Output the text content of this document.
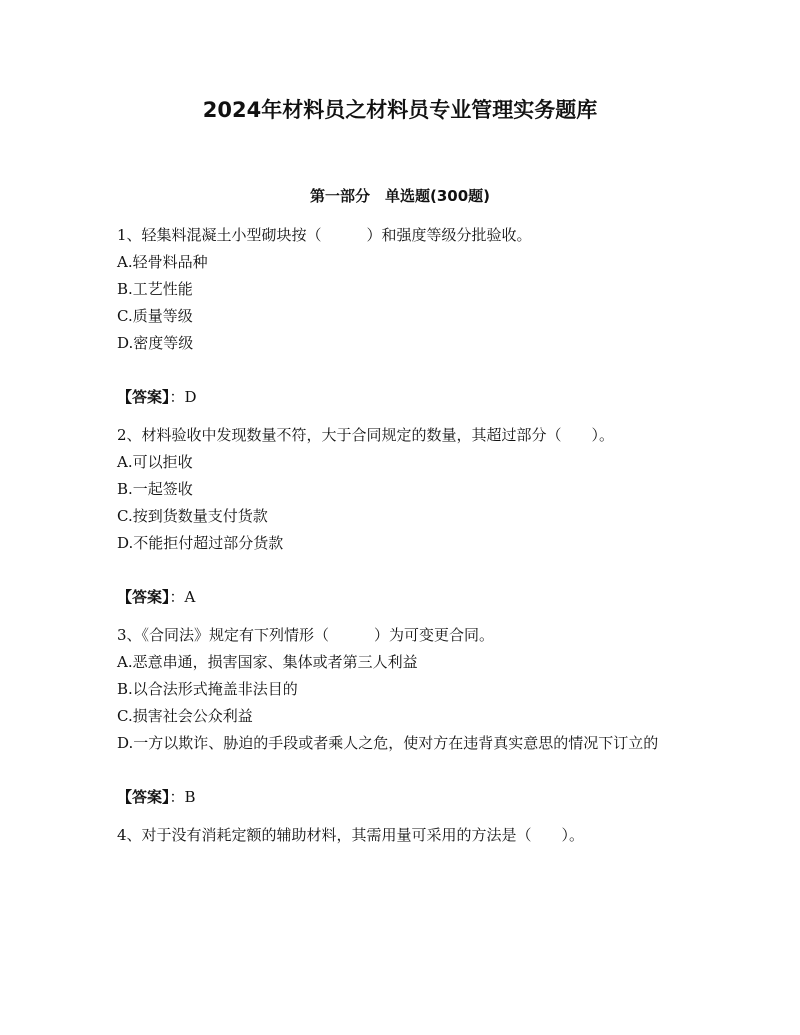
2024年材料员之材料员专业管理实务题库
第一部分　单选题(300题)

1、轻集料混凝土小型砌块按（　　　）和强度等级分批验收。

A.轻骨料品种

B.工艺性能

C.质量等级

D.密度等级

【答案】：D

2、材料验收中发现数量不符，大于合同规定的数量，其超过部分（　　）。

A.可以拒收

B.一起签收

C.按到货数量支付货款

D.不能拒付超过部分货款

【答案】：A

3、《合同法》规定有下列情形（　　　）为可变更合同。

A.恶意串通，损害国家、集体或者第三人利益

B.以合法形式掩盖非法目的

C.损害社会公众利益

D.一方以欺诈、胁迫的手段或者乘人之危，使对方在违背真实意思的情况下订立的

【答案】：B

4、对于没有消耗定额的辅助材料，其需用量可采用的方法是（　　）。
